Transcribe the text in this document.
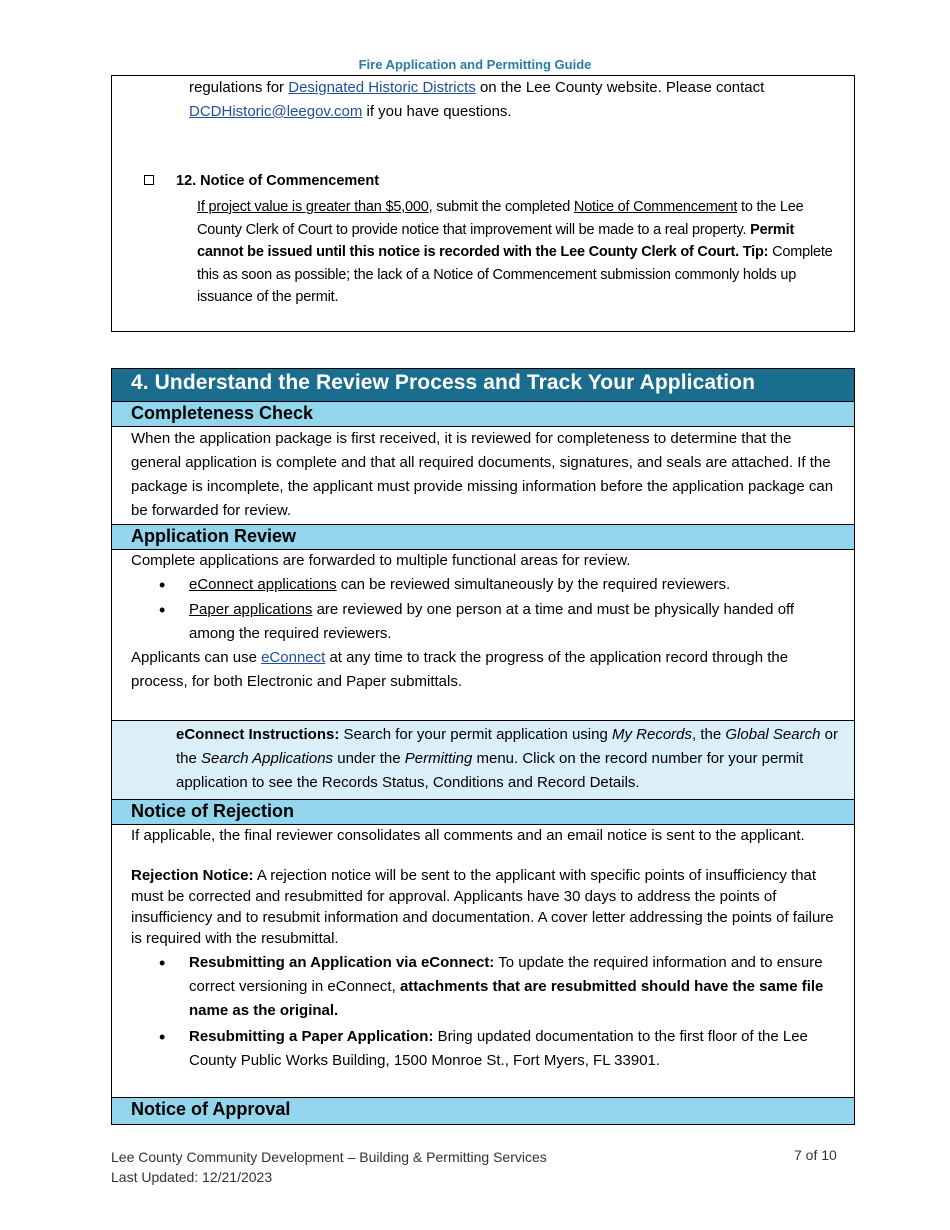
Fire Application and Permitting Guide
regulations for Designated Historic Districts on the Lee County website. Please contact
DCDHistoric@leegov.com if you have questions.
12. Notice of Commencement
If project value is greater than $5,000, submit the completed Notice of Commencement to the Lee County Clerk of Court to provide notice that improvement will be made to a real property. Permit cannot be issued until this notice is recorded with the Lee County Clerk of Court. Tip: Complete this as soon as possible; the lack of a Notice of Commencement submission commonly holds up issuance of the permit.
4. Understand the Review Process and Track Your Application
Completeness Check
When the application package is first received, it is reviewed for completeness to determine that the general application is complete and that all required documents, signatures, and seals are attached. If the package is incomplete, the applicant must provide missing information before the application package can be forwarded for review.
Application Review
Complete applications are forwarded to multiple functional areas for review.
• eConnect applications can be reviewed simultaneously by the required reviewers.
• Paper applications are reviewed by one person at a time and must be physically handed off among the required reviewers.
Applicants can use eConnect at any time to track the progress of the application record through the process, for both Electronic and Paper submittals.
eConnect Instructions: Search for your permit application using My Records, the Global Search or the Search Applications under the Permitting menu. Click on the record number for your permit application to see the Records Status, Conditions and Record Details.
Notice of Rejection
If applicable, the final reviewer consolidates all comments and an email notice is sent to the applicant.
Rejection Notice: A rejection notice will be sent to the applicant with specific points of insufficiency that must be corrected and resubmitted for approval. Applicants have 30 days to address the points of insufficiency and to resubmit information and documentation. A cover letter addressing the points of failure is required with the resubmittal.
• Resubmitting an Application via eConnect: To update the required information and to ensure correct versioning in eConnect, attachments that are resubmitted should have the same file name as the original.
• Resubmitting a Paper Application: Bring updated documentation to the first floor of the Lee County Public Works Building, 1500 Monroe St., Fort Myers, FL 33901.
Notice of Approval
Lee County Community Development – Building & Permitting Services
Last Updated: 12/21/2023
7 of 10
